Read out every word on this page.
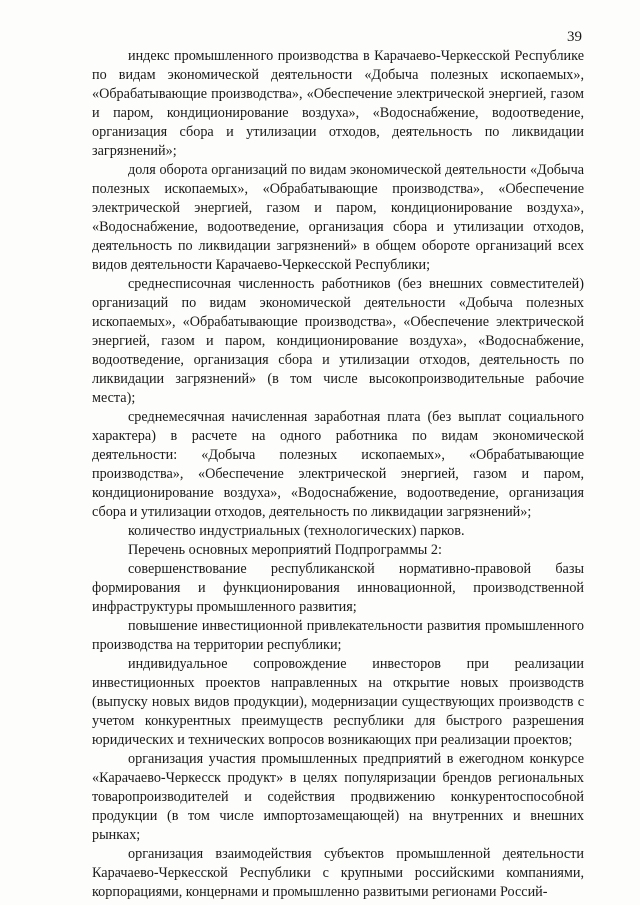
39

индекс промышленного производства в Карачаево-Черкесской Республике по видам экономической деятельности «Добыча полезных ископаемых», «Обрабатывающие производства», «Обеспечение электрической энергией, газом и паром, кондиционирование воздуха», «Водоснабжение, водоотведение, организация сбора и утилизации отходов, деятельность по ликвидации загрязнений»;

доля оборота организаций по видам экономической деятельности «Добыча полезных ископаемых», «Обрабатывающие производства», «Обеспечение электрической энергией, газом и паром, кондиционирование воздуха», «Водоснабжение, водоотведение, организация сбора и утилизации отходов, деятельность по ликвидации загрязнений» в общем обороте организаций всех видов деятельности Карачаево-Черкесской Республики;

среднесписочная численность работников (без внешних совместителей) организаций по видам экономической деятельности «Добыча полезных ископаемых», «Обрабатывающие производства», «Обеспечение электрической энергией, газом и паром, кондиционирование воздуха», «Водоснабжение, водоотведение, организация сбора и утилизации отходов, деятельность по ликвидации загрязнений» (в том числе высокопроизводительные рабочие места);

среднемесячная начисленная заработная плата (без выплат социального характера) в расчете на одного работника по видам экономической деятельности: «Добыча полезных ископаемых», «Обрабатывающие производства», «Обеспечение электрической энергией, газом и паром, кондиционирование воздуха», «Водоснабжение, водоотведение, организация сбора и утилизации отходов, деятельность по ликвидации загрязнений»;

количество индустриальных (технологических) парков.

Перечень основных мероприятий Подпрограммы 2:

совершенствование республиканской нормативно-правовой базы формирования и функционирования инновационной, производственной инфраструктуры промышленного развития;

повышение инвестиционной привлекательности развития промышленного производства на территории республики;

индивидуальное сопровождение инвесторов при реализации инвестиционных проектов направленных на открытие новых производств (выпуску новых видов продукции), модернизации существующих производств с учетом конкурентных преимуществ республики для быстрого разрешения юридических и технических вопросов возникающих при реализации проектов;

организация участия промышленных предприятий в ежегодном конкурсе «Карачаево-Черкесск продукт» в целях популяризации брендов региональных товаропроизводителей и содействия продвижению конкурентоспособной продукции (в том числе импортозамещающей) на внутренних и внешних рынках;

организация взаимодействия субъектов промышленной деятельности Карачаево-Черкесской Республики с крупными российскими компаниями, корпорациями, концернами и промышленно развитыми регионами Россий-
